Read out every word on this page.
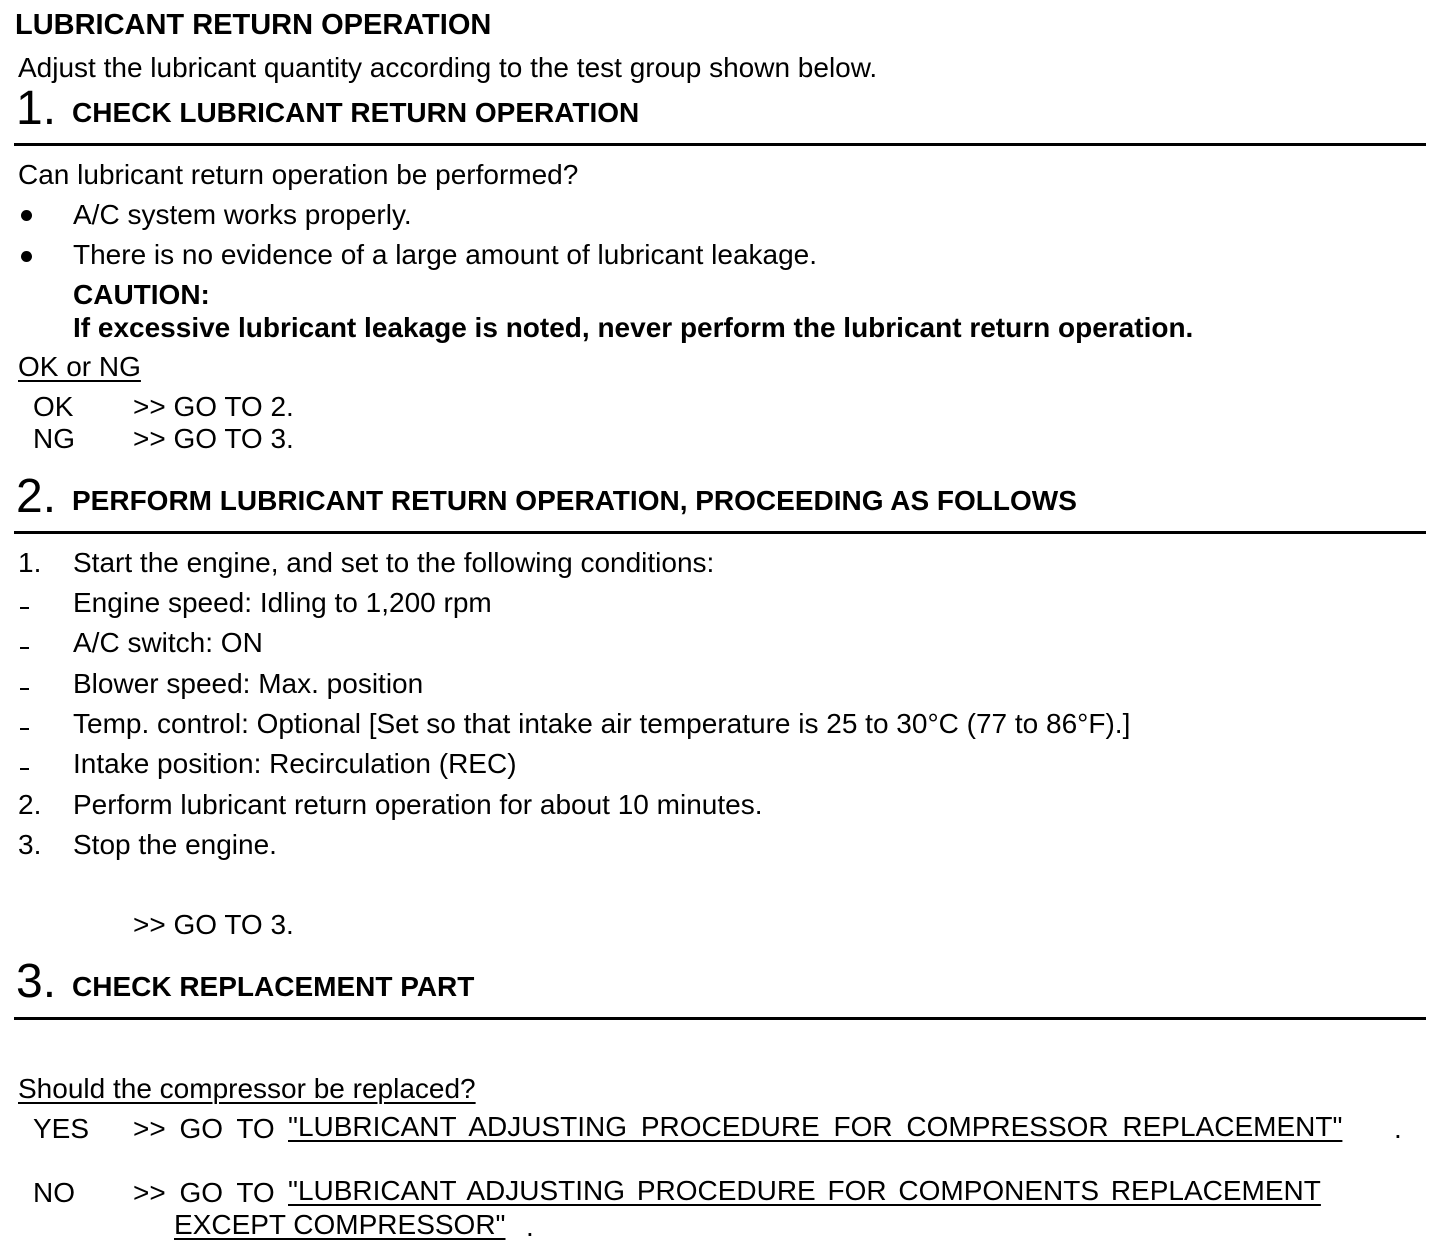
LUBRICANT RETURN OPERATION
Adjust the lubricant quantity according to the test group shown below.
1. CHECK LUBRICANT RETURN OPERATION
Can lubricant return operation be performed?
A/C system works properly.
There is no evidence of a large amount of lubricant leakage.
CAUTION:
If excessive lubricant leakage is noted, never perform the lubricant return operation.
OK or NG
OK >> GO TO 2.
NG >> GO TO 3.
2. PERFORM LUBRICANT RETURN OPERATION, PROCEEDING AS FOLLOWS
1. Start the engine, and set to the following conditions:
Engine speed: Idling to 1,200 rpm
A/C switch: ON
Blower speed: Max. position
Temp. control: Optional [Set so that intake air temperature is 25 to 30°C (77 to 86°F).]
Intake position: Recirculation (REC)
2. Perform lubricant return operation for about 10 minutes.
3. Stop the engine.
>> GO TO 3.
3. CHECK REPLACEMENT PART
Should the compressor be replaced?
YES >> GO TO "LUBRICANT ADJUSTING PROCEDURE FOR COMPRESSOR REPLACEMENT" .
NO >> GO TO "LUBRICANT ADJUSTING PROCEDURE FOR COMPONENTS REPLACEMENT
EXCEPT COMPRESSOR" .
